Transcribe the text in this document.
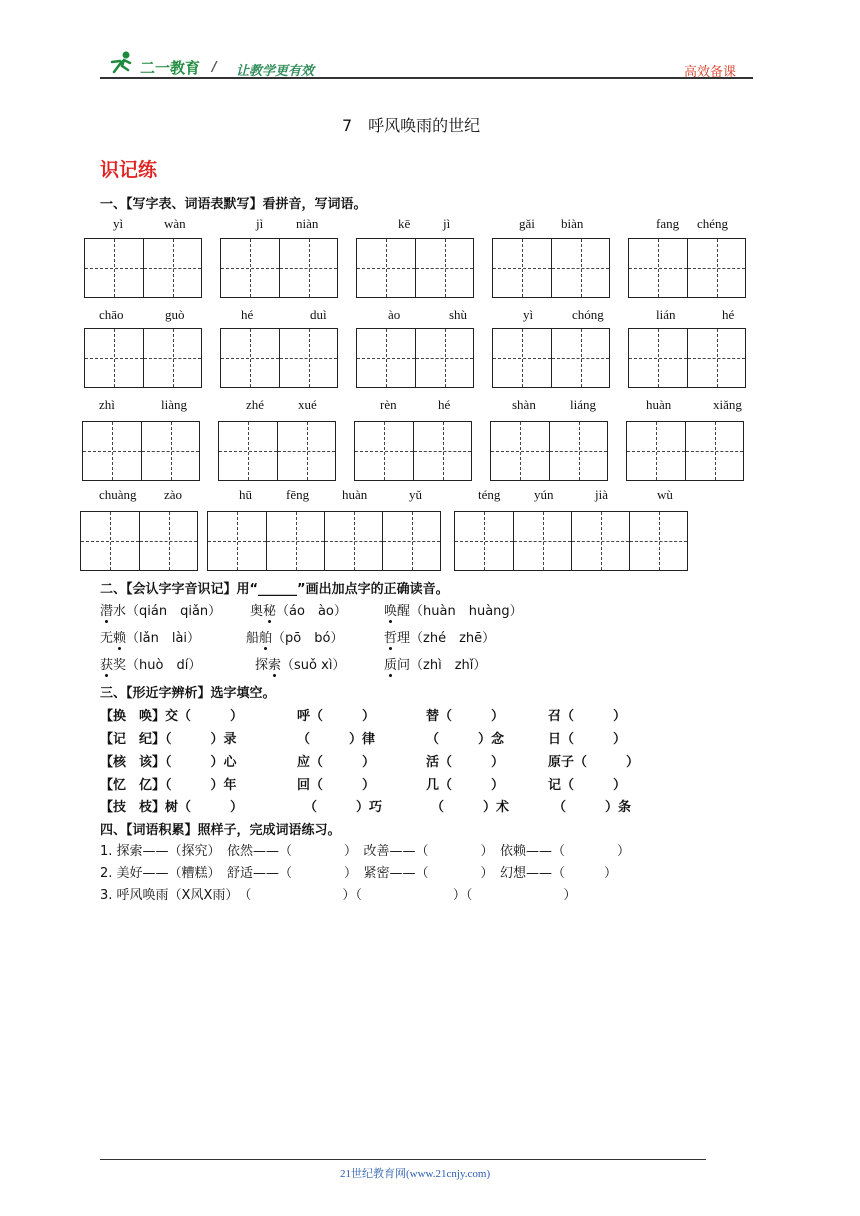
二一教育 / 让教学更有效	高效备课
7　呼风唤雨的世纪
识记练
一、【写字表、词语表默写】看拼音，写词语。
yì	wàn	jì	niàn	kē	jì	gǎi biàn	fang chéng
chāo	guò	hé	duì	ào	shù	yì	chóng	lián	hé
zhì	liàng	zhé	xué	rèn	hé	shàn	liáng	huàn	xiǎng
chuàng zào	hū	fēng	huàn	yǔ	téng	yún	jià	wù
二、【会认字字音识记】用“______”画出加点字的正确读音。
潜水（qián　qiǎn） 奥秘（áo　ào）	唤醒（huàn　huàng）
无赖（lǎn　lài）	船舶（pō　bó）	哲理（zhé　zhē）
获奖（huò　dí）	探索（suǒ xì）	质问（zhì　zhǐ）
三、【形近字辨析】选字填空。
【换　唤】交（　　　）	呼（　　　）	替（　　　）	召（　　　）
【记　纪】（　　　）录	（　　　）律	（　　　）念	日（　　　）
【核　该】（　　　）心	应（　　　）	活（　　　）	原子（　　　）
【忆　亿】（　　　）年	回（　　　）	几（　　　）	记（　　　）
【技　枝】树（　　　）	（　　　）巧	（　　　）术	（　　　）条
四、【词语积累】照样子，完成词语练习。
1. 探索——（探究）　依然——（　　　　）　改善——（　　　　）　依赖——（　　　　）
2. 美好——（糟糕）　舒适——（　　　　）　紧密——（　　　　）　幻想——（　　　）
3. 呼风唤雨（X风X雨）　（　　　　　　　）（　　　　　　　）（　　　　　　　）
21世纪教育网(www.21cnjy.com)
